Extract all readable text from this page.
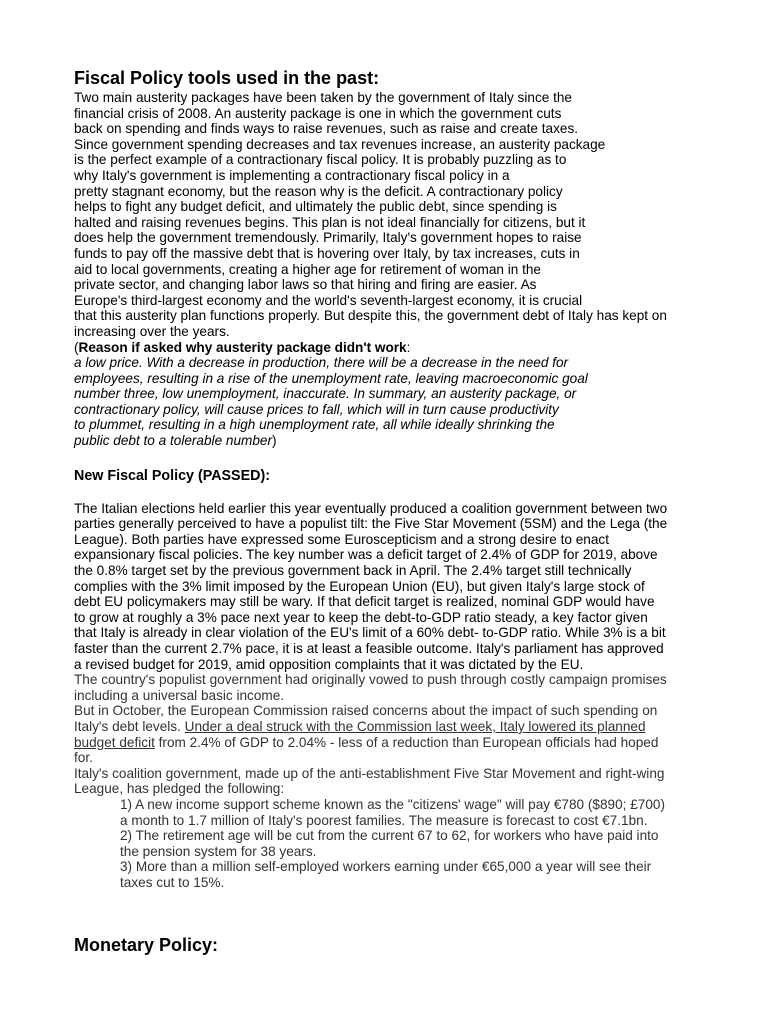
Fiscal Policy tools used in the past:
Two main austerity packages have been taken by the government of Italy since the
financial crisis of 2008. An austerity package is one in which the government cuts
back on spending and finds ways to raise revenues, such as raise and create taxes.
Since government spending decreases and tax revenues increase, an austerity package
is the perfect example of a contractionary fiscal policy. It is probably puzzling as to
why Italy's government is implementing a contractionary fiscal policy in a
pretty stagnant economy, but the reason why is the deficit. A contractionary policy
helps to fight any budget deficit, and ultimately the public debt, since spending is
halted and raising revenues begins. This plan is not ideal financially for citizens, but it
does help the government tremendously. Primarily, Italy's government hopes to raise
funds to pay off the massive debt that is hovering over Italy, by tax increases, cuts in
aid to local governments, creating a higher age for retirement of woman in the
private sector, and changing labor laws so that hiring and firing are easier. As
Europe's third-largest economy and the world's seventh-largest economy, it is crucial
that this austerity plan functions properly. But despite this, the government debt of Italy has kept on
increasing over the years.
(Reason if asked why austerity package didn't work:
a low price. With a decrease in production, there will be a decrease in the need for
employees, resulting in a rise of the unemployment rate, leaving macroeconomic goal
number three, low unemployment, inaccurate. In summary, an austerity package, or
contractionary policy, will cause prices to fall, which will in turn cause productivity
to plummet, resulting in a high unemployment rate, all while ideally shrinking the
public debt to a tolerable number)
New Fiscal Policy (PASSED):
The Italian elections held earlier this year eventually produced a coalition government between two
parties generally perceived to have a populist tilt: the Five Star Movement (5SM) and the Lega (the
League). Both parties have expressed some Euroscepticism and a strong desire to enact
expansionary fiscal policies. The key number was a deficit target of 2.4% of GDP for 2019, above
the 0.8% target set by the previous government back in April. The 2.4% target still technically
complies with the 3% limit imposed by the European Union (EU), but given Italy's large stock of
debt EU policymakers may still be wary. If that deficit target is realized, nominal GDP would have
to grow at roughly a 3% pace next year to keep the debt-to-GDP ratio steady, a key factor given
that Italy is already in clear violation of the EU's limit of a 60% debt- to-GDP ratio. While 3% is a bit
faster than the current 2.7% pace, it is at least a feasible outcome. Italy's parliament has approved
a revised budget for 2019, amid opposition complaints that it was dictated by the EU.
The country's populist government had originally vowed to push through costly campaign promises
including a universal basic income.
But in October, the European Commission raised concerns about the impact of such spending on
Italy's debt levels. Under a deal struck with the Commission last week, Italy lowered its planned
budget deficit from 2.4% of GDP to 2.04% - less of a reduction than European officials had hoped
for.
Italy's coalition government, made up of the anti-establishment Five Star Movement and right-wing
League, has pledged the following:
1) A new income support scheme known as the "citizens' wage" will pay €780 ($890; £700)
a month to 1.7 million of Italy's poorest families. The measure is forecast to cost €7.1bn.
2) The retirement age will be cut from the current 67 to 62, for workers who have paid into
the pension system for 38 years.
3) More than a million self-employed workers earning under €65,000 a year will see their
taxes cut to 15%.
Monetary Policy:
